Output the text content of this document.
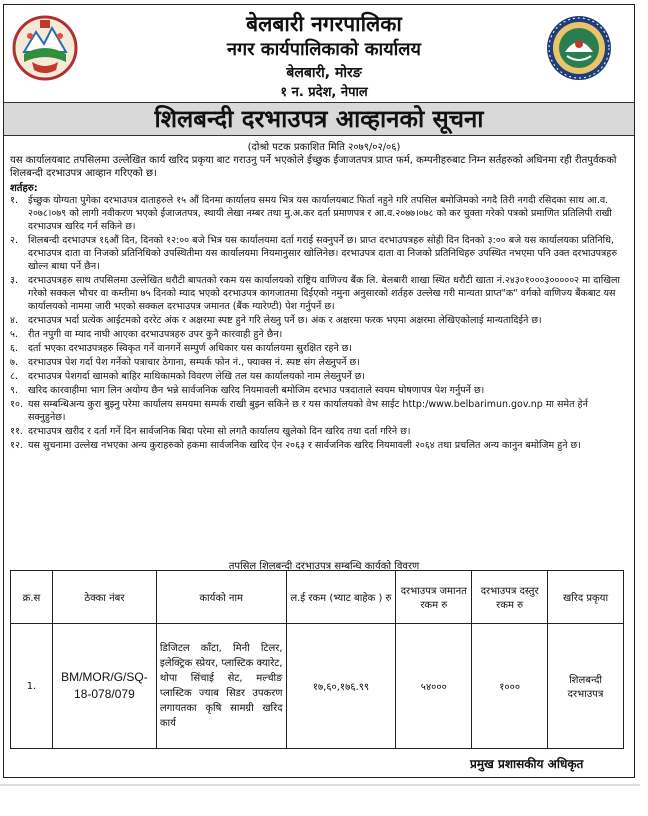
बेलबारी नगरपालिका
नगर कार्यपालिकाको कार्यालय
बेलबारी, मोरङ
१ न. प्रदेश, नेपाल
शिलबन्दी दरभाउपत्र आव्हानको सूचना
(दोश्रो पटक प्रकाशित मिति २०७९/०२/०६)
यस कार्यालयबाट तपसिलमा उल्लेखित कार्य खरिद प्रकृया बाट गराउनु पर्ने भएकोले ईच्छुक ईजाजतपत्र प्राप्त फर्म, कम्पनीहरुबाट निम्न सर्तहरुको अधिनमा रही रीतपुर्वकको शिलबन्दी दरभाउपत्र आव्हान गरिएको छ।
शर्तहरु:
१. ईच्छुक योग्यता पुगेका दरभाउपत्र दाताहरुले १५ औं दिनमा कार्यालय समय भित्र यस कार्यालयबाट फिर्ता नहुने गरि तपसिल बमोजिमको नगदै तिरी नगदी रसिदका साथ आ.व. २०७८।०७९ को लागी नवीकरण भएको ईजाजतपत्र, स्थायी लेखा नम्बर तथा मु.अ.कर दर्ता प्रमाणपत्र र आ.व.२०७७।०७८ को कर चुक्ता गरेको पत्रको प्रमाणित प्रतिलिपी राखी दरभाउपत्र खरिद गर्न सकिने छ।
२. शिलबन्दी दरभाउपत्र १६औं दिन, दिनको १२:०० बजे भित्र यस कार्यालयमा दर्ता गराई सक्नुपर्ने छ। प्राप्त दरभाउपत्रहरु सोही दिन दिनको ३:०० बजे यस कार्यालयका प्रतिनिधि, दरभाउपत्र दाता वा निजको प्रतिनिधिको उपस्थितीमा यस कार्यालयमा नियमानुसार खोलिनेछ। दरभाउपत्र दाता वा निजको प्रतिनिधिहरु उपस्थित नभएमा पनि उक्त दरभाउपत्रहरु खोल्न बाधा पर्ने छैन।
३. दरभाउपत्रहरु साथ तपसिलमा उल्लेखित धरौटी बापतको रकम यस कार्यालयको राष्ट्रिय वाणिज्य बैंक लि. बेलबारी शाखा स्थित धरौटी खाता नं.२४३०१०००३०००००२ मा दाखिला गरेको सक्कल भौचर वा कम्तीमा ७५ दिनको म्याद भएको दरभाउपत्र कागजातमा दिईएको नमुना अनुसारको शर्तहरु उल्लेख गरी मान्यता प्राप्त"क" वर्गको वाणिज्य बैंकबाट यस कार्यालयको नाममा जारी भएको सक्कल दरभाउपत्र जमानत (बैंक ग्यारेण्टी) पेश गर्नुपर्ने छ।
४. दरभाउपत्र भर्दा प्रत्येक आईटमको दररेट अंक र अक्षरमा स्पष्ट हुने गरि लेख्नु पर्ने छ। अंक र अक्षरमा फरक भएमा अक्षरमा लेखिएकोलाई मान्यतादिईने छ।
५. रीत नपुगी वा म्याद नाघी आएका दरभाउपत्रहरु उपर कुनै कारवाही हुने छैन।
६. दर्ता भएका दरभाउपत्रहरु स्विकृत गर्ने वानगर्ने सम्पुर्ण अधिकार यस कार्यालयमा सुरक्षित रहने छ।
७. दरभाउपत्र पेश गर्दा पेश गर्नेको पत्राचार ठेगाना, सम्पर्क फोन नं., फ्याक्स नं. स्पष्ट संग लेख्नुपर्ने छ।
८. दरभाउपत्र पेशगर्दा खामको बाहिर माथिकामको विवरण लेखि तल यस कार्यालयको नाम लेख्नुपर्ने छ।
९. खरिद कारवाहीमा भाग लिन अयोग्य छैन भन्ने सार्वजनिक खरिद नियमावली बमोजिम दरभाउ पत्रदाताले स्वयम घोषणापत्र पेश गर्नुपर्ने छ।
१०. यस सम्बन्धिअन्य कुरा बुझ्नु परेमा कार्यालय समयमा सम्पर्क राखी बुझ्न सकिने छ र यस कार्यालयको वेभ साईट http:/www.belbarimun.gov.np मा समेत हेर्न सक्नुहुनेछ।
११. दरभाउपत्र खरीद र दर्ता गर्ने दिन सार्वजनिक बिदा परेमा सो लगतै कार्यालय खुलेको दिन खरिद तथा दर्ता गरिने छ।
१२. यस सुचनामा उल्लेख नभएका अन्य कुराहरुको हकमा सार्वजनिक खरिद ऐन २०६३ र सार्वजनिक खरिद नियमावली २०६४ तथा प्रचलित अन्य कानुन बमोजिम हुने छ।
तपसिल शिलबन्दी दरभाउपत्र सम्बन्धि कार्यको विवरण
क्र.स	ठेक्का नंबर	कार्यको नाम	ल.ई रकम (भ्याट बाहेक ) रु	दरभाउपत्र जमानत रकम रु	दरभाउपत्र दस्तुर रकम रु	खरिद प्रकृया
1.	BM/MOR/G/SQ-18-078/079	डिजिटल काँटा, मिनी टिलर, इलेक्ट्रिक स्प्रेयर, प्लास्टिक क्यारेट, थोपा सिंचाई सेट, मल्चीङ प्लास्टिक ज्याब सिडर उपकरण लगायतका कृषि सामग्री खरिद कार्य	१७,६०,१७६.९९	५४०००	१०००	शिलबन्दी दरभाउपत्र
प्रमुख प्रशासकीय अधिकृत
